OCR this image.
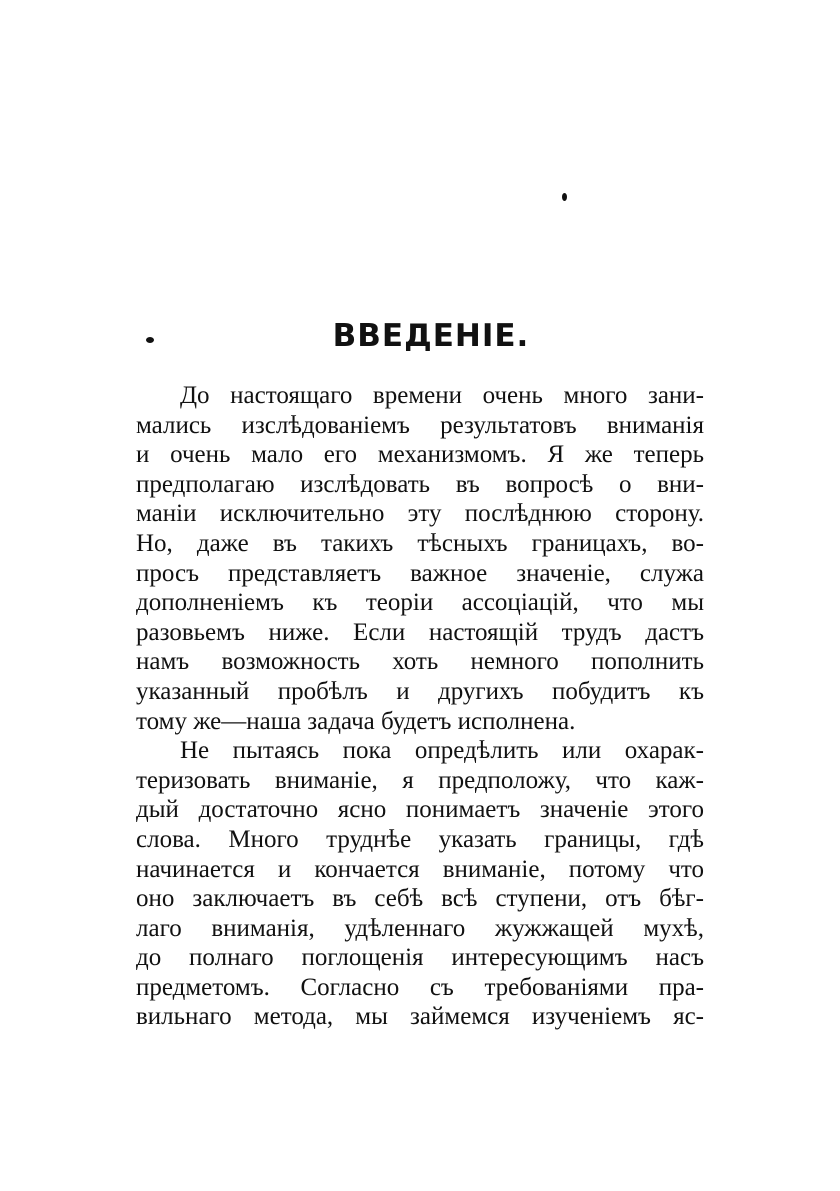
ВВЕДЕНІЕ.
До настоящаго времени очень много зани-
мались изслѣдованіемъ результатовъ вниманія
и очень мало его механизмомъ. Я же теперь
предполагаю изслѣдовать въ вопросѣ о вни-
маніи исключительно эту послѣднюю сторону.
Но, даже въ такихъ тѣсныхъ границахъ, во-
просъ представляетъ важное значеніе, служа
дополненіемъ къ теоріи ассоціацій, что мы
разовьемъ ниже. Если настоящій трудъ дастъ
намъ возможность хоть немного пополнить
указанный пробѣлъ и другихъ побудитъ къ
тому же—наша задача будетъ исполнена.
Не пытаясь пока опредѣлить или охарак-
теризовать вниманіе, я предположу, что каж-
дый достаточно ясно понимаетъ значеніе этого
слова. Много труднѣе указать границы, гдѣ
начинается и кончается вниманіе, потому что
оно заключаетъ въ себѣ всѣ ступени, отъ бѣг-
лаго вниманія, удѣленнаго жужжащей мухѣ,
до полнаго поглощенія интересующимъ насъ
предметомъ. Согласно съ требованіями пра-
вильнаго метода, мы займемся изученіемъ яс-
